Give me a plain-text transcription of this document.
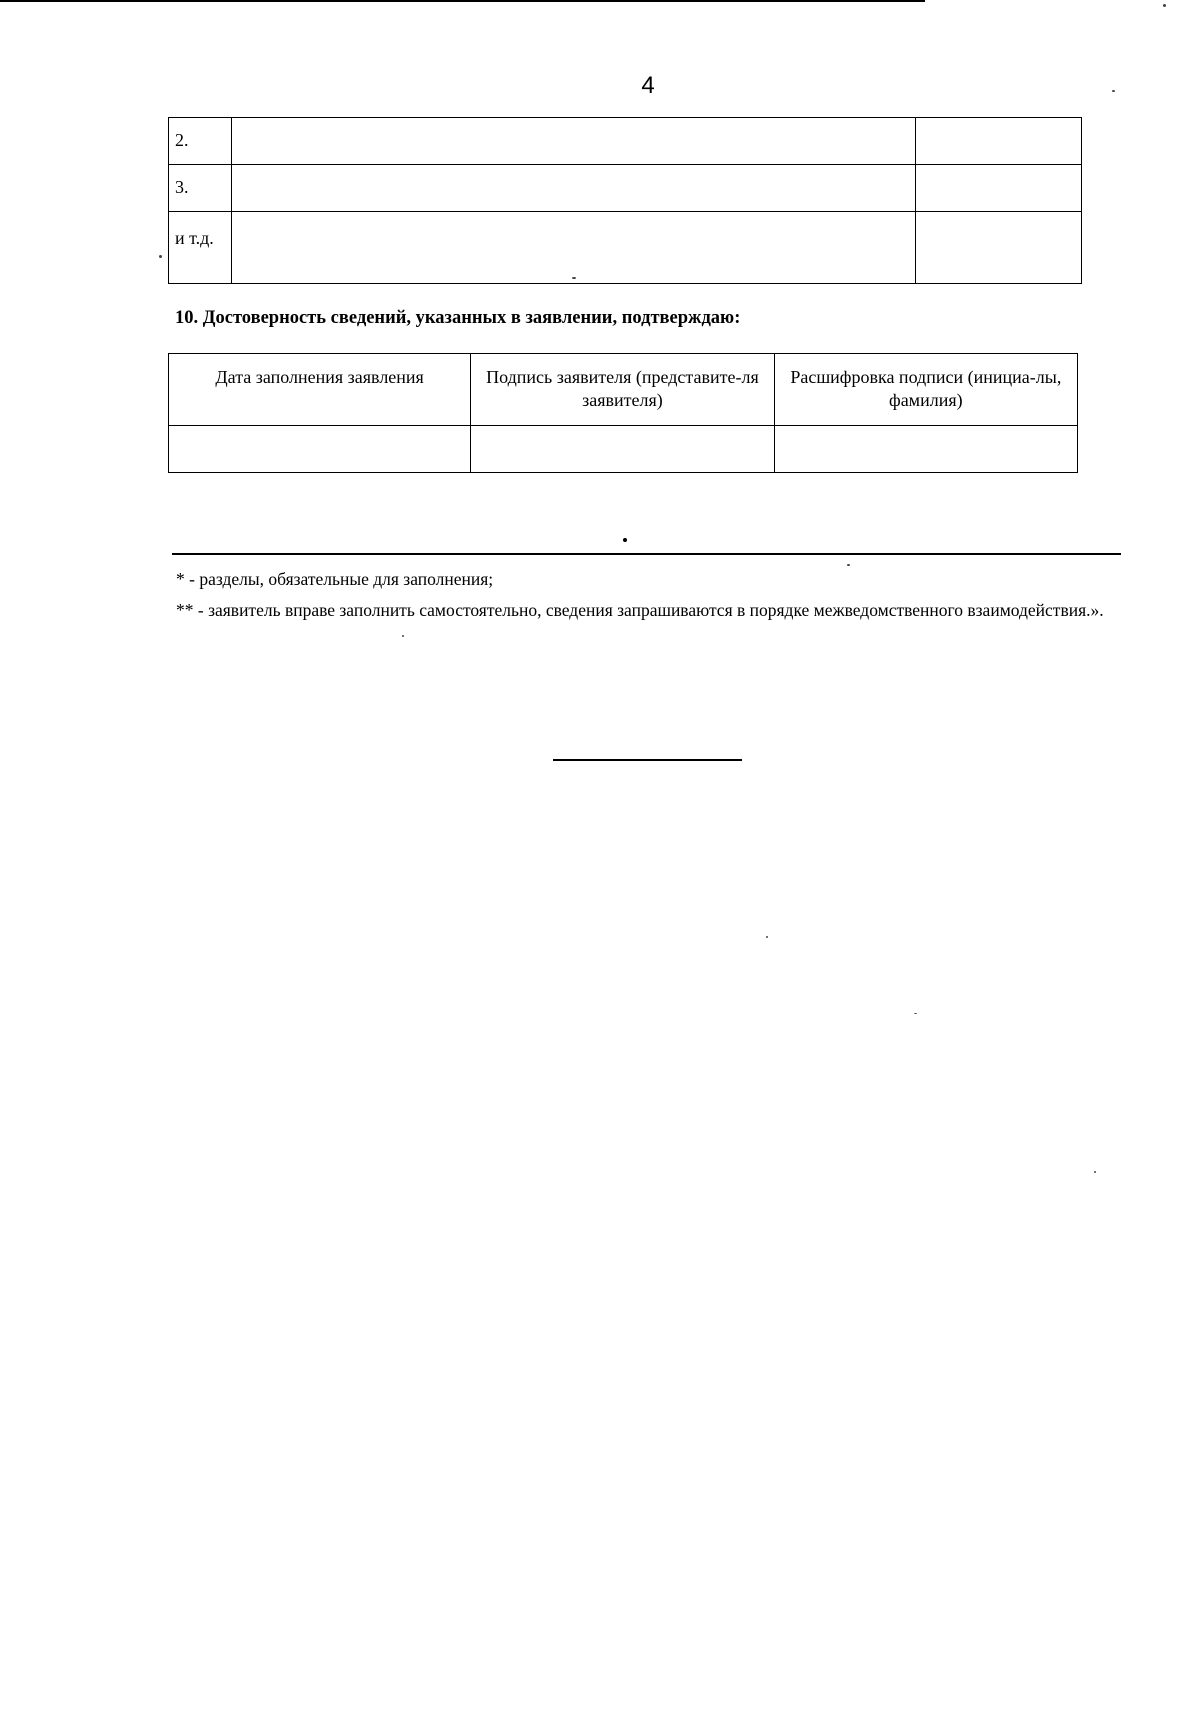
4
2.		
3.		
и т.д.		
10. Достоверность сведений, указанных в заявлении, подтверждаю:
Дата заполнения заявления	Подпись заявителя (представите-ля заявителя)	Расшифровка подписи (инициа-лы, фамилия)

* - разделы, обязательные для заполнения;
** - заявитель вправе заполнить самостоятельно, сведения запрашиваются в порядке межведомственного взаимодействия.».
